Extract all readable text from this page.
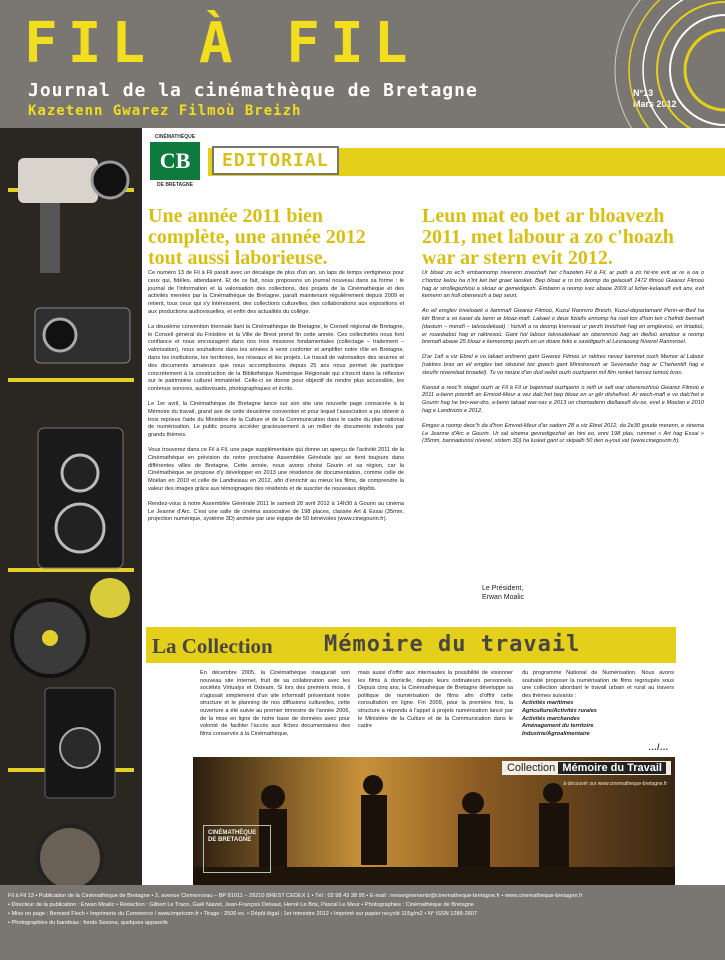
FIL À FIL
Journal de la cinémathèque de Bretagne
Kazetenn Gwarez Filmoù Breizh
N°13
Mars 2012
CINÉMATHÈQUE
CB
DE BRETAGNE
EDITORIAL
Une année 2011 bien complète, une année 2012 tout aussi laborieuse.
Leun mat eo bet ar bloavezh 2011, met labour a zo c'hoazh war ar stern evit 2012.

Ce numéro 13 de Fil à Fil paraît avec un décalage de plus d'un an, un laps de temps vertigineux pour ceux qui, fidèles, attendaient. Et de ce fait, nous proposons un journal nouveau dans sa forme : le journal de l'information et la valorisation des collections, des projets de la Cinémathèque et des activités menées par la Cinémathèque de Bretagne, paraît maintenant régulièrement depuis 2009 et retient, tous ceux qui s'y intéressent, des collections culturelles, des collaborations aux expositions et aux productions audiovisuelles, et enfin des actualités du collège.

La deuxième convention triennale liant la Cinémathèque de Bretagne, le Conseil régional de Bretagne, le Conseil général du Finistère et la Ville de Brest prend fin cette année. Ces collectivités nous font confiance et nous encouragent dans nos trois missions fondamentales (collectage – traitement – valorisation), nous souhaitons dans les années à venir conforter et amplifier notre rôle en Bretagne, dans les institutions, les territoires, les réseaux et les projets. Le travail de valorisation des œuvres et des documents amateurs que nous accomplissons depuis 25 ans nous permet de participer concrètement à la construction de la Bibliothèque Numérique Régionale qui s'inscrit dans la réflexion sur le patrimoine culturel immatériel. Celle-ci se donne pour objectif de rendre plus accessible, les contenus sonores, audiovisuels, photographiques et écrits.

Le 1er avril, la Cinémathèque de Bretagne lance sur son site une nouvelle page consacrée à la Mémoire du travail, grand axe de cette deuxième convention et pour lequel l'association a pu obtenir à trois reprises l'aide du Ministère de la Culture et de la Communication dans le cadre du plan national de numérisation. Le public pourra accéder gracieusement à un millier de documents indexés par grands thèmes.

Vous trouverez dans ce Fil à Fil, une page supplémentaire qui donne un aperçu de l'activité 2011 de la Cinémathèque en prévision de notre prochaine Assemblée Générale qui se tient toujours dans différentes villes de Bretagne. Cette année, nous avons choisi Gourin et sa région, car la Cinémathèque se propose d'y développer en 2013 une résidence de documentation, comme celle de Moëlan en 2010 et celle de Landivisiau en 2012, afin d'enrichir au mieux les films, de comprendre la valeur des images grâce aux témoignages des résidents et de susciter de nouveaux dépôts.

Rendez-vous à notre Assemblée Générale 2011 le samedi 28 avril 2012 à 14h30 à Gourin au cinéma Le Jeanne d'Arc. C'est une salle de cinéma associative de 198 places, classée Art & Essai (35mm, projection numérique, système 3D) animée par une équipe de 50 bénévoles (www.cinegourin.fr).

Ur bloaz zo ec'h embannomp niverenn zivezhañ her c'hazeten Fil à Fil, ar puth a zo hir-tre evit ar re a oa o c'hortoz kelou ha n'int ket bet graet laosket. Bep bloaz e ro tro deomp da gelaouiñ 1472 filmoù Gwarez Filmoù hag ar strollegezhioù a skoaz ar gemedigezh. Embann a reomp ivez abaoe 2009 ul lizher-kelaouiñ evit anv, evit kemenn an holl obererezh a bep seurt.

An eil emglev triveloaek o liammañ Gwarez Filmoù, Kuzul Rannvro Breizh, Kuzul-departamant Penn-ar-Bed ha kêr Brest a vo kaset da benn ar bloaz-mañ. Lakaet o deus fiziañs ennomp ha roet ton d'hon teir c'hefridi bennañ (dastum – merañ – talvoudekaat) : hiziviñ a ra deomp krenvaat ur perzh breizhek hag en emglevioù, en tiriadoù, er rouedadoù hag er raktresoù. Gant hol labour talvoudekaat an oberennoù hag an dielloù amatour a reomp bremañ abaoe 25 bloaz e kemeromp perzh en un doare fetis e savidigezh al Levraoueg Niverel Rannvroel.

D'ar 1añ a viz Ebrel e vo lakaet enlinenn gant Gwarez Filmoù ur raktres nevez liammet ouzh Memor al Labour (raktres bras an eil emglev bet sikouret teir gwech gant Ministrerezh ar Sevenadur hag ar C'hehentiñ hag e steuñv niverelaat broadel). Tu vo neuze d'an dud sellet ouzh ouzhpenn mil film renket hervez temoù bras.

Kavout a reoc'h staget ouzh ar Fil à Fil ur bajennad ouzhpenn o reiñ ur sell war obererezhioù Gwarez Filmoù e 2011 a-benn prientiñ an Emvod-Meur a vez dalc'het bep bloaz en ur gêr disheñvel. Ar wech-mañ e vo dalc'het e Gourin hag he bro-war-dro, a-benn lakaat war-sav e 2013 un chomadenn diellaouiñ du-se, evel e Moelan e 2010 hag e Landivizio e 2012.

Emgav a roomp deoc'h da d'hon Emvod-Meur d'ar sadorn 28 a viz Ebrel 2012, da 2e30 goude merenn, e sinema Le Jeanne d'Arc e Gourin. Ur sal sinema gevredigezhel an hini eo, enni 198 plas, rummet « Art hag Essai » (35mm, bannadurioù niverel, sistem 3D) ha lusket gant ur skipailh 50 den a-youl vat (www.cinegourin.fr).

Le Président,
Erwan Moalic
La Collection Mémoire du travail

En décembre 2005, la Cinémathèque inaugurait son nouveau site internet, fruit de sa collaboration avec les sociétés Virtualys et Oxteam. Si lors des premiers mois, il s'agissait simplement d'un site informatif présentant notre structure et le planning de nos diffusions culturelles, cette ouverture a été suivie au premier trimestre de l'année 2006, de la mise en ligne de notre base de données avec pour volonté de faciliter l'accès aux fiches documentaires des films conservés à la Cinémathèque,

mais aussi d'offrir aux internautes la possibilité de visionner les films à domicile, depuis leurs ordinateurs personnels. Depuis cinq ans, la Cinémathèque de Bretagne développe sa politique de numérisation de films afin d'offrir cette consultation en ligne. Fin 2009, pour la première fois, la structure a répondu à l'appel à projets numérisation lancé par le Ministère de la Culture et de la Communication dans le cadre

du programme National de Numérisation. Nous avons souhaité proposer la numérisation de films regroupés sous une collection abordant le travail urbain et rural au travers des thèmes suivants :

Activités maritimes
Agriculture/Activités rurales
Activités marchandes
Aménagement du territoire
Industrie/Agroalimentaire
…/…
Collection Mémoire du Travail
à découvrir sur www.cinematheque-bretagne.fr
CINÉMATHÈQUE DE BRETAGNE

Fil à Fil 13 • Publication de la Cinémathèque de Bretagne • 2, avenue Clemenceau – BP 81011 – 29210 BREST CEDEX 1 • Tél : 02 98 43 38 95 • E-mail : renseignements@cinematheque-bretagne.fr • www.cinematheque-bretagne.fr

• Directeur de la publication : Erwan Moalic • Rédaction : Gilbert Le Traon, Gaël Naizet, Jean-François Delsaut, Hervé Le Bris, Pascal Le Meur • Photographies : Cinémathèque de Bretagne

• Mise en page : Bernard Floch • Imprimerie du Commerce / www.impricom.fr • Tirage : 2500 ex. • Dépôt légal : 1er trimestre 2012 • Imprimé sur papier recyclé 115g/m2 • N° ISSN 1288-2607

• Photographies du bandeau : fonds Sesona, quelques appareils
